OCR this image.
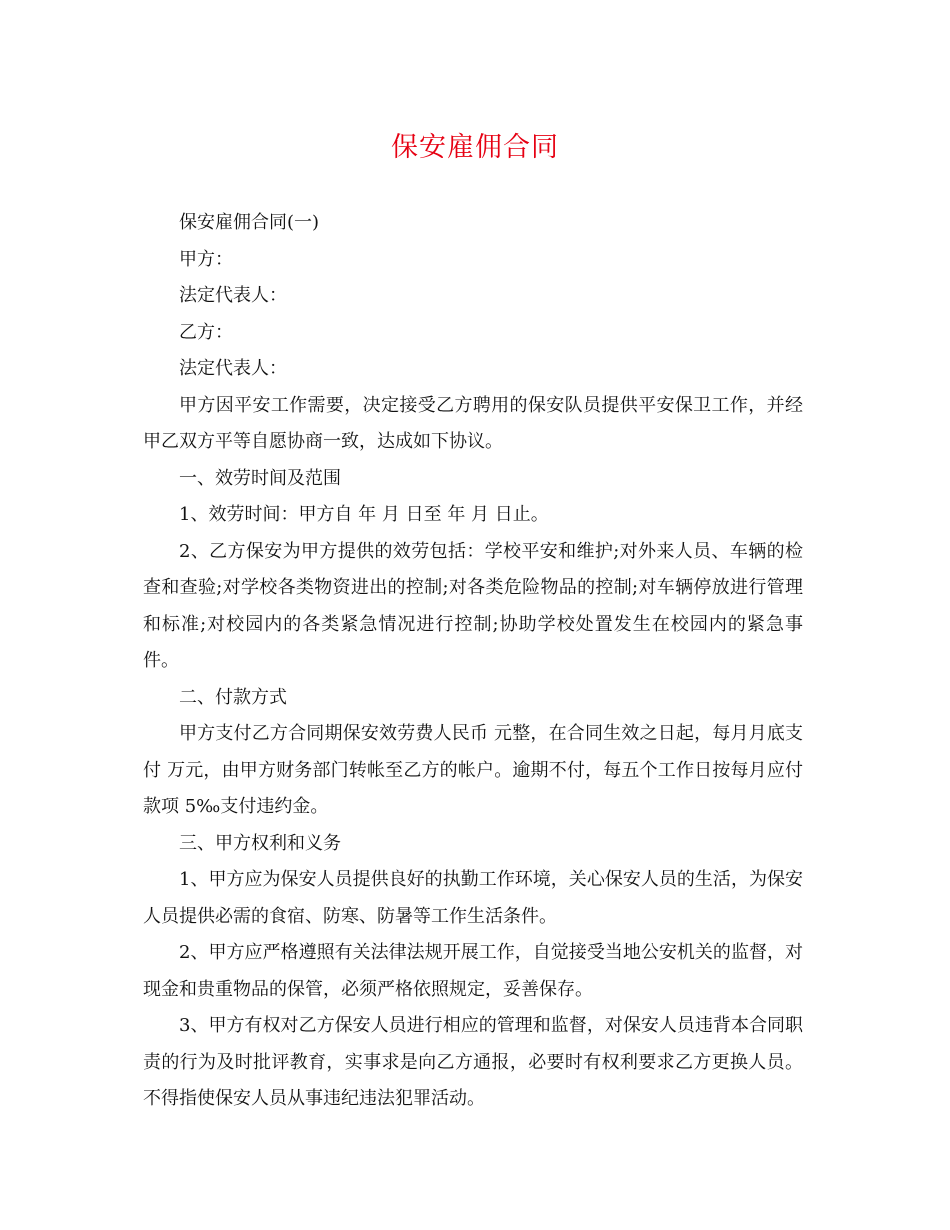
保安雇佣合同

保安雇佣合同(一)

甲方：

法定代表人：

乙方：

法定代表人：

甲方因平安工作需要，决定接受乙方聘用的保安队员提供平安保卫工作，并经甲乙双方平等自愿协商一致，达成如下协议。

一、效劳时间及范围

1、效劳时间：甲方自 年 月 日至 年 月 日止。

2、乙方保安为甲方提供的效劳包括：学校平安和维护;对外来人员、车辆的检查和查验;对学校各类物资进出的控制;对各类危险物品的控制;对车辆停放进行管理和标准;对校园内的各类紧急情况进行控制;协助学校处置发生在校园内的紧急事件。

二、付款方式

甲方支付乙方合同期保安效劳费人民币 元整，在合同生效之日起，每月月底支付 万元，由甲方财务部门转帐至乙方的帐户。逾期不付，每五个工作日按每月应付款项 5‰支付违约金。

三、甲方权利和义务

1、甲方应为保安人员提供良好的执勤工作环境，关心保安人员的生活，为保安人员提供必需的食宿、防寒、防暑等工作生活条件。

2、甲方应严格遵照有关法律法规开展工作，自觉接受当地公安机关的监督，对现金和贵重物品的保管，必须严格依照规定，妥善保存。

3、甲方有权对乙方保安人员进行相应的管理和监督，对保安人员违背本合同职责的行为及时批评教育，实事求是向乙方通报，必要时有权利要求乙方更换人员。不得指使保安人员从事违纪违法犯罪活动。
